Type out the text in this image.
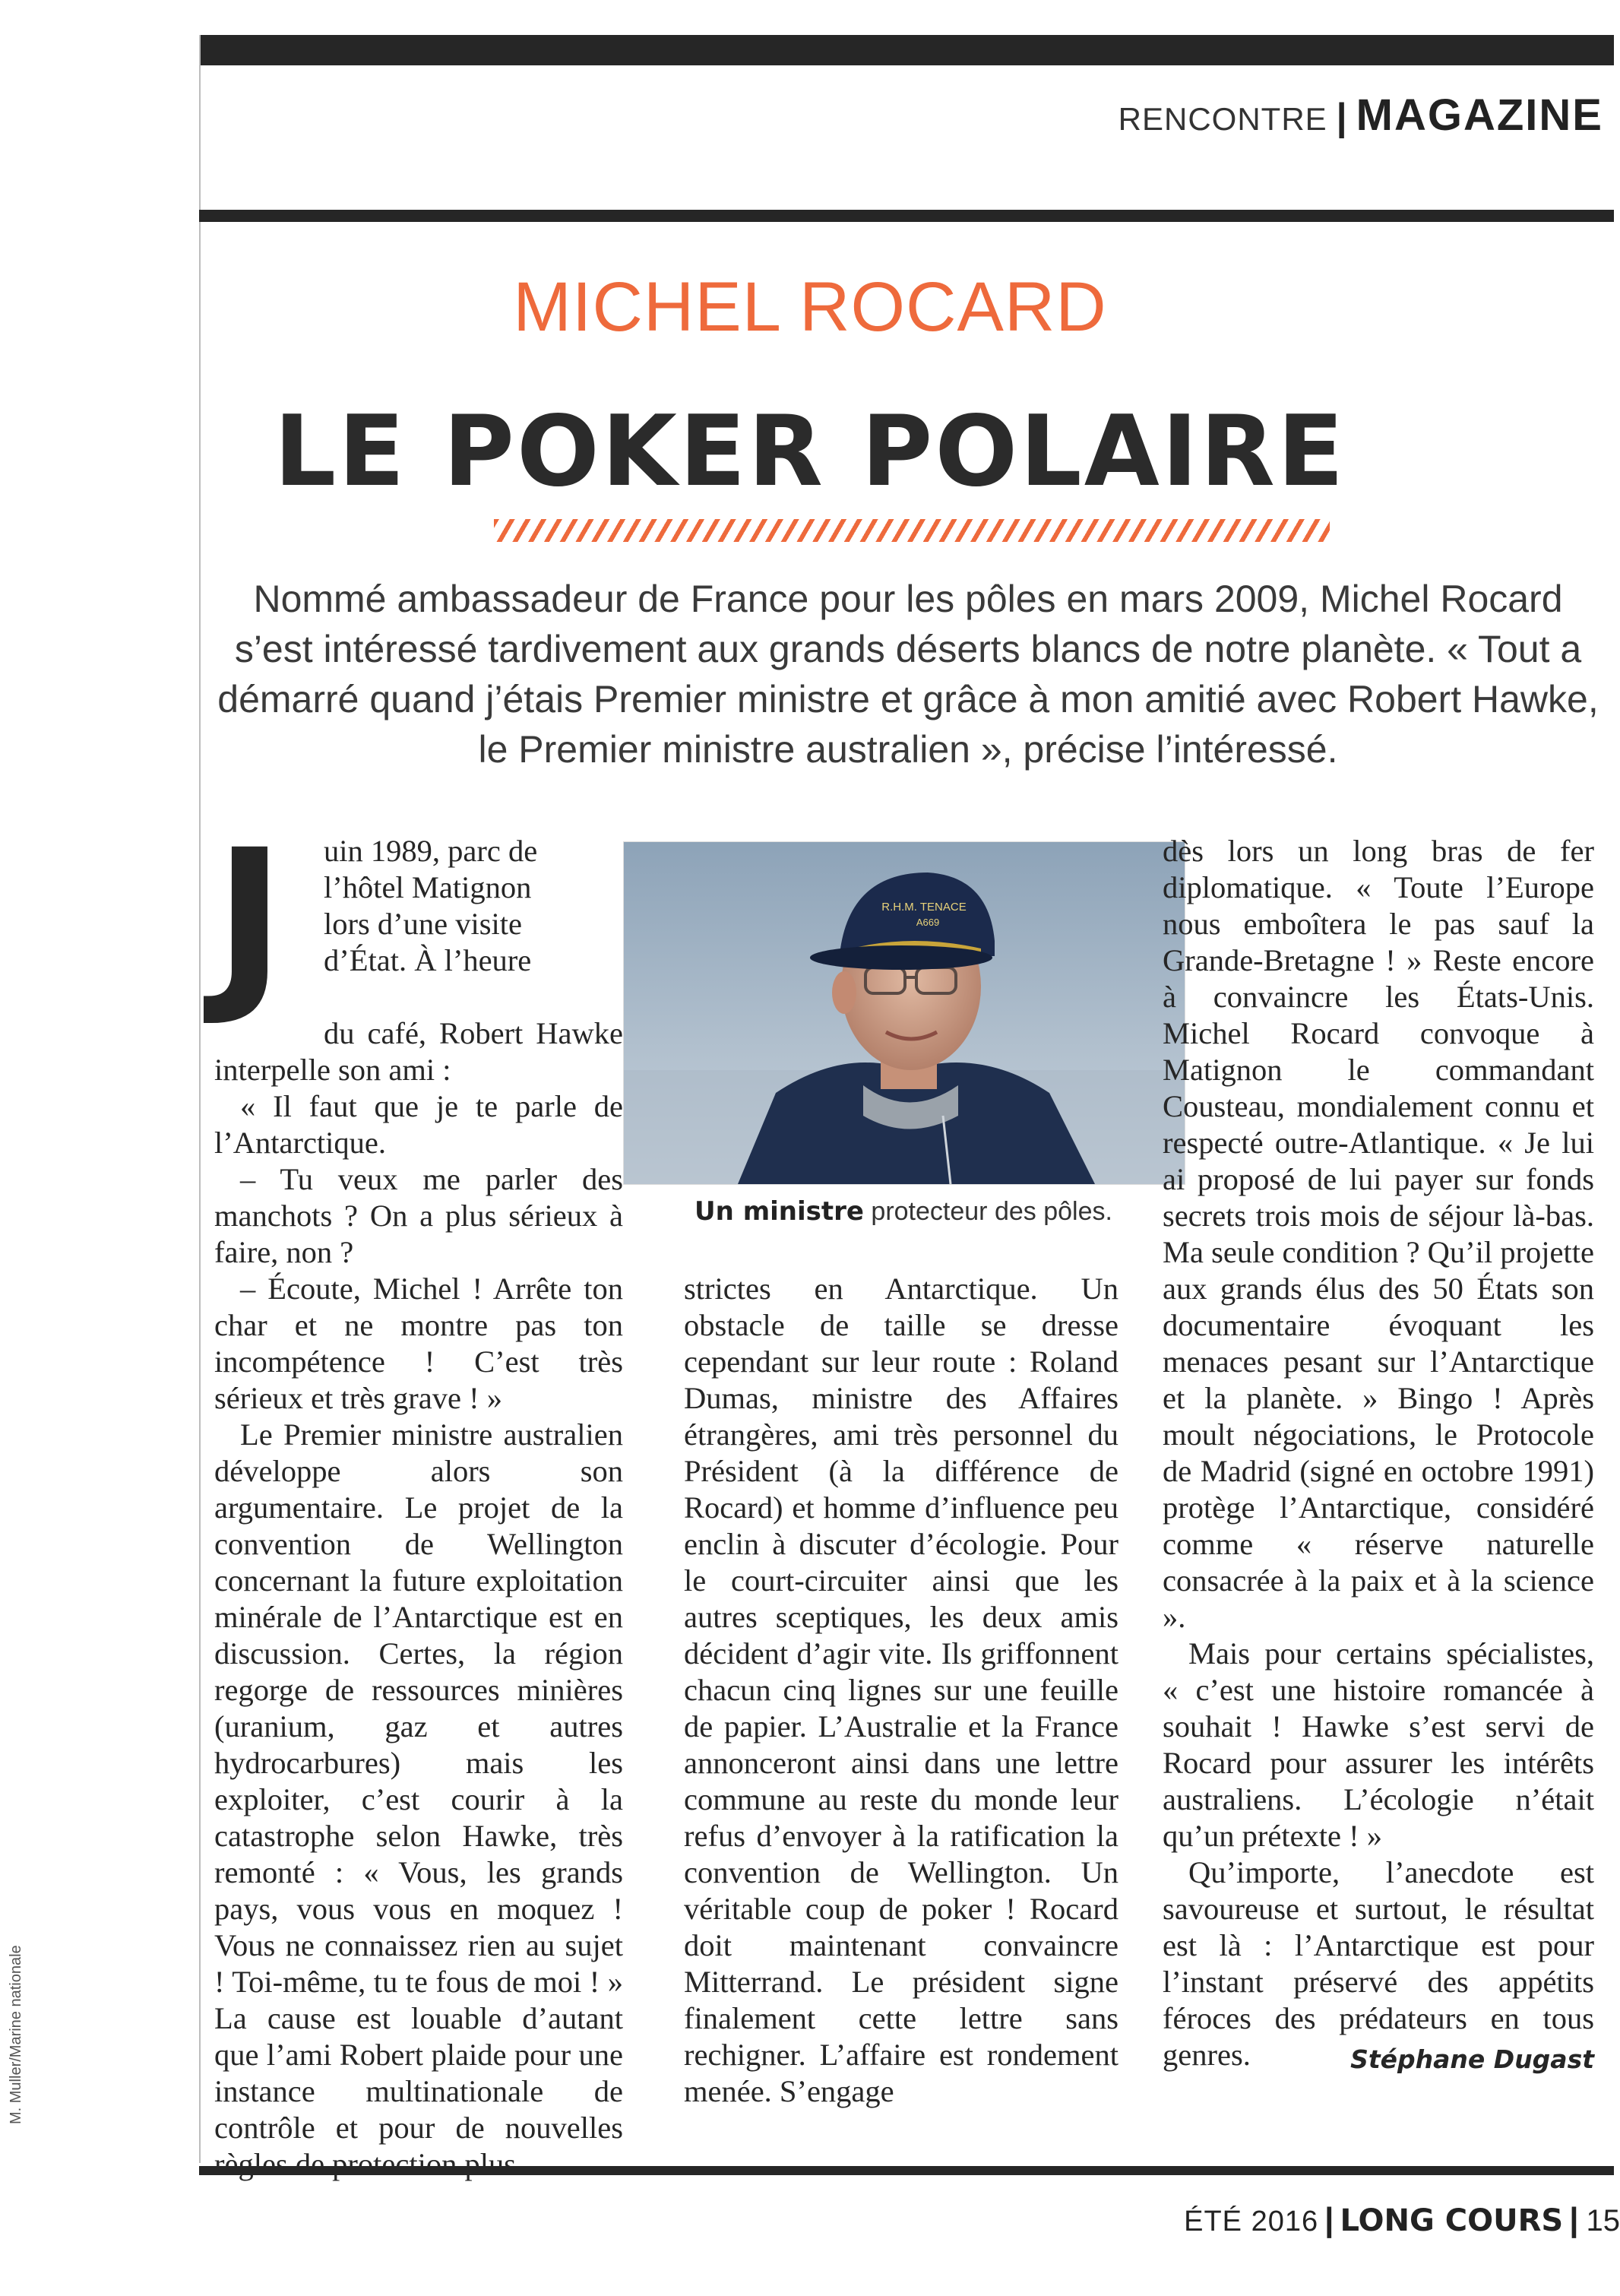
RENCONTRE | MAGAZINE
MICHEL ROCARD
LE POKER POLAIRE
Nommé ambassadeur de France pour les pôles en mars 2009, Michel Rocard s’est intéressé tardivement aux grands déserts blancs de notre planète. « Tout a démarré quand j’étais Premier ministre et grâce à mon amitié avec Robert Hawke, le Premier ministre australien », précise l’intéressé.
J	uin 1989, parc de
l’hôtel Matignon
lors d’une visite
d’État. À l’heure

du café, Robert Hawke interpelle son ami :

« Il faut que je te parle de l’Antarctique.

– Tu veux me parler des manchots ? On a plus sérieux à faire, non ?

– Écoute, Michel ! Arrête ton char et ne montre pas ton incompétence ! C’est très sérieux et très grave ! »

Le Premier ministre australien développe alors son argumentaire. Le projet de la convention de Wellington concernant la future exploitation minérale de l’Antarctique est en discussion. Certes, la région regorge de ressources minières (uranium, gaz et autres hydrocarbures) mais les exploiter, c’est courir à la catastrophe selon Hawke, très remonté : « Vous, les grands pays, vous vous en moquez ! Vous ne connaissez rien au sujet ! Toi-même, tu te fous de moi ! » La cause est louable d’autant que l’ami Robert plaide pour une instance multinationale de contrôle et pour de nouvelles règles de protection plus

R.H.M. TENACE
A669
Un ministre protecteur des pôles.

strictes en Antarctique. Un obstacle de taille se dresse cependant sur leur route : Roland Dumas, ministre des Affaires étrangères, ami très personnel du Président (à la différence de Rocard) et homme d’influence peu enclin à discuter d’écologie. Pour le court-circuiter ainsi que les autres sceptiques, les deux amis décident d’agir vite. Ils griffonnent chacun cinq lignes sur une feuille de papier. L’Australie et la France annonceront ainsi dans une lettre commune au reste du monde leur refus d’envoyer à la ratification la convention de Wellington. Un véritable coup de poker ! Rocard doit maintenant convaincre Mitterrand. Le président signe finalement cette lettre sans rechigner. L’affaire est rondement menée. S’engage

dès lors un long bras de fer diplomatique. « Toute l’Europe nous emboîtera le pas sauf la Grande-Bretagne ! » Reste encore à convaincre les États-Unis. Michel Rocard convoque à Matignon le commandant Cousteau, mondialement connu et respecté outre-Atlantique. « Je lui ai proposé de lui payer sur fonds secrets trois mois de séjour là-bas. Ma seule condition ? Qu’il projette aux grands élus des 50 États son documentaire évoquant les menaces pesant sur l’Antarctique et la planète. » Bingo ! Après moult négociations, le Protocole de Madrid (signé en octobre 1991) protège l’Antarctique, considéré comme « réserve naturelle consacrée à la paix et à la science ».

Mais pour certains spécialistes, « c’est une histoire romancée à souhait ! Hawke s’est servi de Rocard pour assurer les intérêts australiens. L’écologie n’était qu’un prétexte ! »

Qu’importe, l’anecdote est savoureuse et surtout, le résultat est là : l’Antarctique est pour l’instant préservé des appétits féroces des prédateurs en tous genres.	Stéphane Dugast

M. Muller/Marine nationale
ÉTÉ 2016 | LONG COURS | 15
